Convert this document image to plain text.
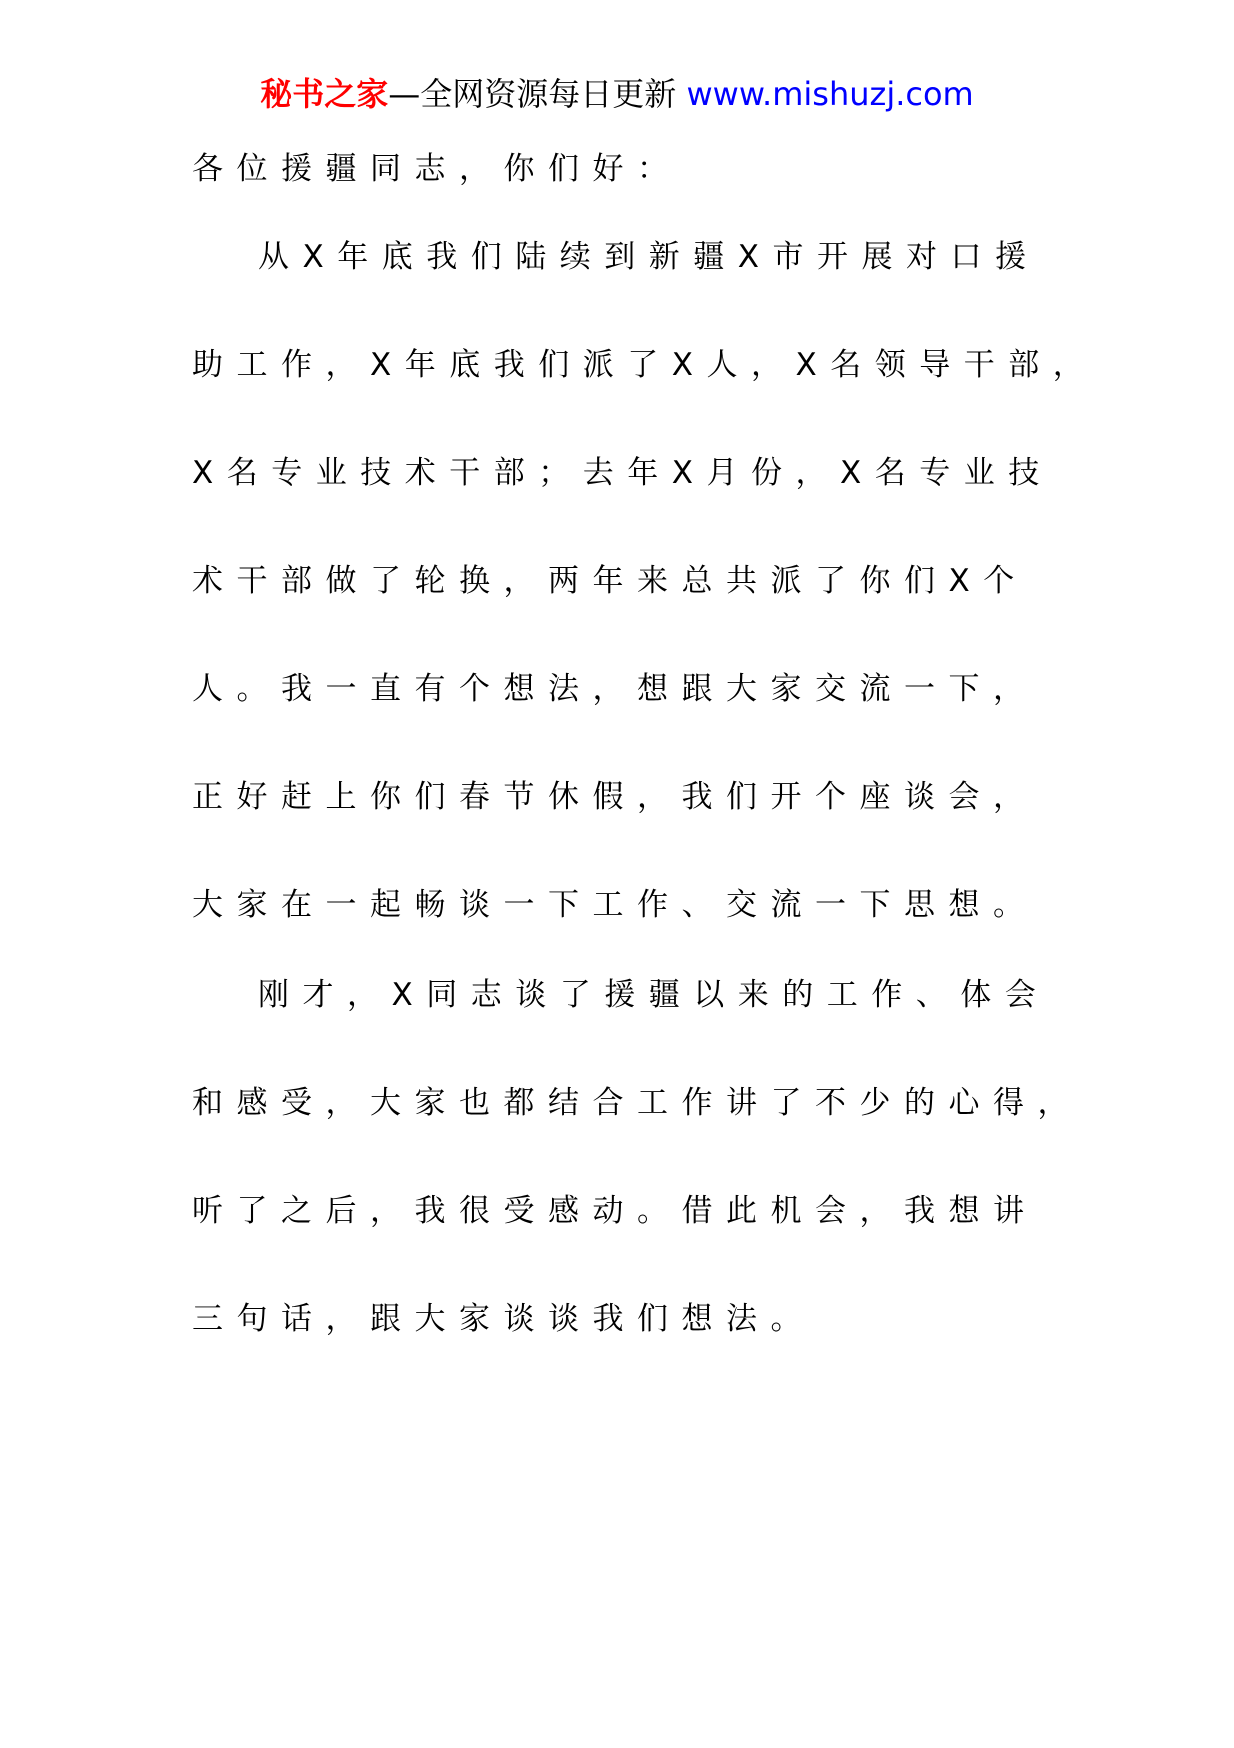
秘书之家—全网资源每日更新 www.mishuzj.com
各位援疆同志，你们好：
从X年底我们陆续到新疆X市开展对口援
助工作，X年底我们派了X人，X名领导干部，
X名专业技术干部；去年X月份，X名专业技
术干部做了轮换，两年来总共派了你们X个
人。我一直有个想法，想跟大家交流一下，
正好赶上你们春节休假，我们开个座谈会，
大家在一起畅谈一下工作、交流一下思想。
刚才，X同志谈了援疆以来的工作、体会
和感受，大家也都结合工作讲了不少的心得，
听了之后，我很受感动。借此机会，我想讲
三句话，跟大家谈谈我们想法。
